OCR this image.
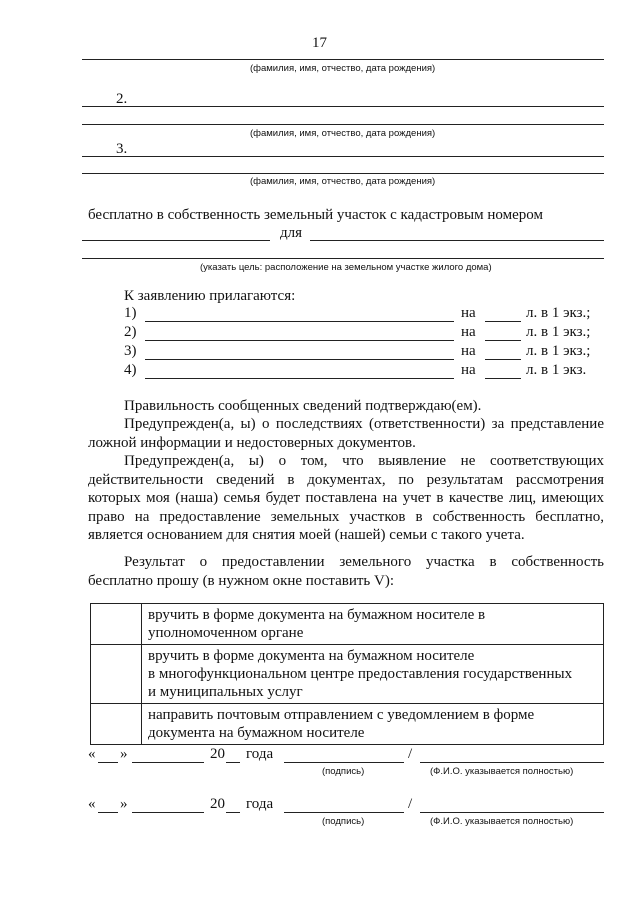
17
(фамилия, имя, отчество, дата рождения)
2.
(фамилия, имя, отчество, дата рождения)
3.
(фамилия, имя, отчество, дата рождения)
бесплатно в собственность земельный участок с кадастровым номером
для
(указать цель: расположение на земельном участке жилого дома)
К заявлению прилагаются:
1)	на	л. в 1 экз.;
2)	на	л. в 1 экз.;
3)	на	л. в 1 экз.;
4)	на	л. в 1 экз.
Правильность сообщенных сведений подтверждаю(ем).
Предупрежден(а, ы) о последствиях (ответственности) за представление ложной информации и недостоверных документов.
Предупрежден(а, ы) о том, что выявление не соответствующих действительности сведений в документах, по результатам рассмотрения которых моя (наша) семья будет поставлена на учет в качестве лиц, имеющих право на предоставление земельных участков в собственность бесплатно, является основанием для снятия моей (нашей) семьи с такого учета.
Результат о предоставлении земельного участка в собственность бесплатно прошу (в нужном окне поставить V):

	вручить в форме документа на бумажном носителе в
уполномоченном органе

	вручить в форме документа на бумажном носителе
в многофункциональном центре предоставления государственных
и муниципальных услуг

	направить почтовым отправлением с уведомлением в форме
документа на бумажном носителе
« »	20 года	/
(подпись)	(Ф.И.О. указывается полностью)
« »	20 года	/
(подпись)	(Ф.И.О. указывается полностью)
